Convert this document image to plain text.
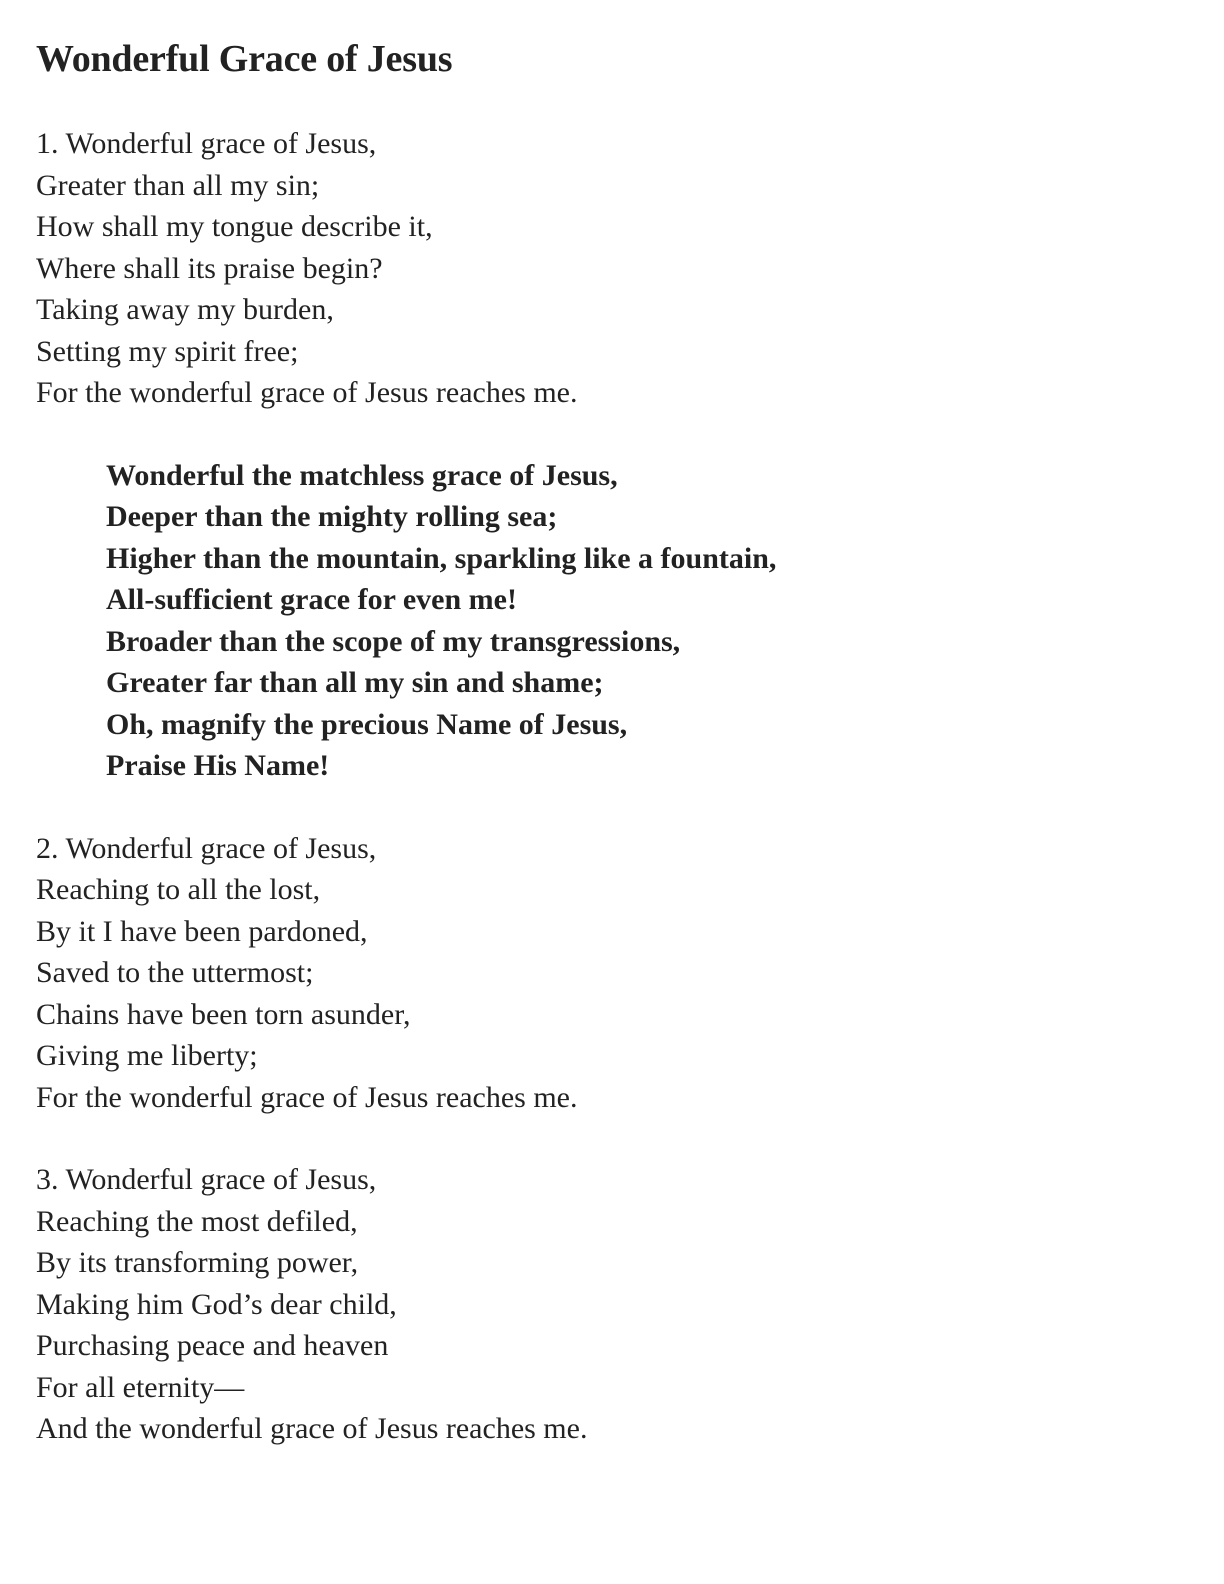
Wonderful Grace of Jesus

1. Wonderful grace of Jesus,

Greater than all my sin;

How shall my tongue describe it,

Where shall its praise begin?

Taking away my burden,

Setting my spirit free;

For the wonderful grace of Jesus reaches me.

Wonderful the matchless grace of Jesus,

Deeper than the mighty rolling sea;

Higher than the mountain, sparkling like a fountain,

All-sufficient grace for even me!

Broader than the scope of my transgressions,

Greater far than all my sin and shame;

Oh, magnify the precious Name of Jesus,

Praise His Name!

2. Wonderful grace of Jesus,

Reaching to all the lost,

By it I have been pardoned,

Saved to the uttermost;

Chains have been torn asunder,

Giving me liberty;

For the wonderful grace of Jesus reaches me.

3. Wonderful grace of Jesus,

Reaching the most defiled,

By its transforming power,

Making him God’s dear child,

Purchasing peace and heaven

For all eternity—

And the wonderful grace of Jesus reaches me.
